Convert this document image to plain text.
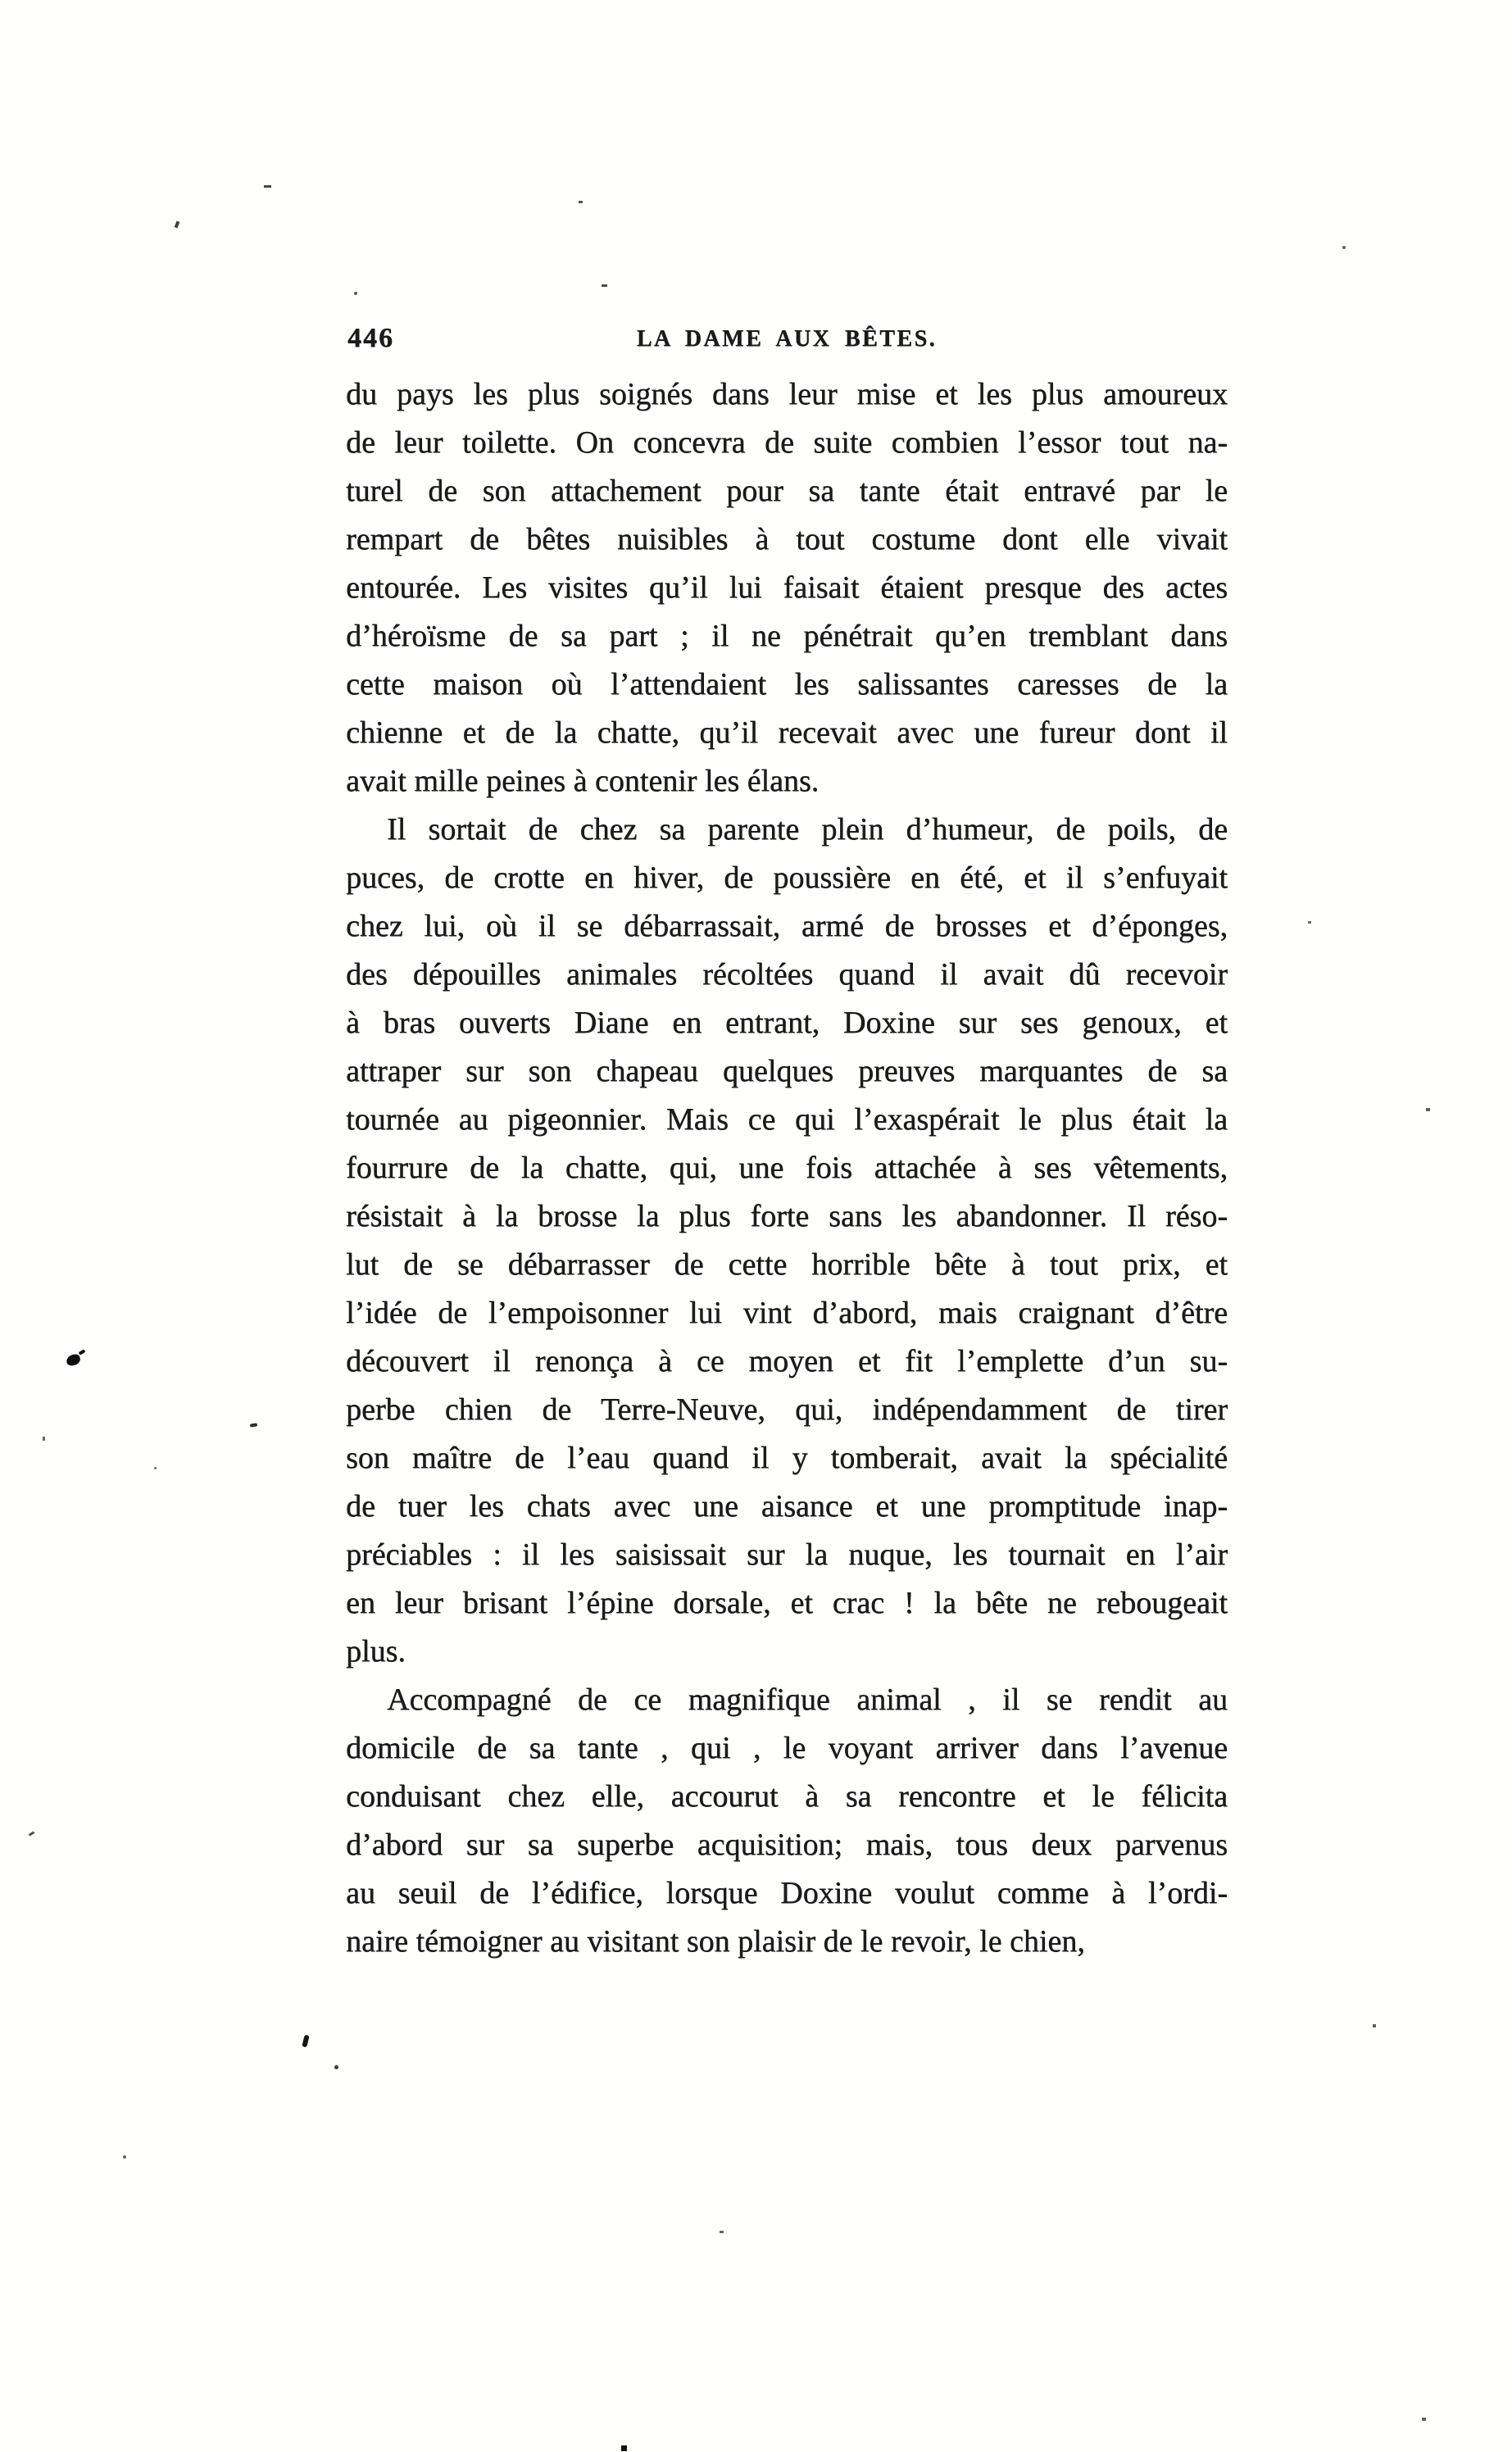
446	LA DAME AUX BÊTES.
du pays les plus soignés dans leur mise et les plus amoureux
de leur toilette. On concevra de suite combien l’essor tout na-
turel de son attachement pour sa tante était entravé par le
rempart de bêtes nuisibles à tout costume dont elle vivait
entourée. Les visites qu’il lui faisait étaient presque des actes
d’héroïsme de sa part ; il ne pénétrait qu’en tremblant dans
cette maison où l’attendaient les salissantes caresses de la
chienne et de la chatte, qu’il recevait avec une fureur dont il
avait mille peines à contenir les élans.
Il sortait de chez sa parente plein d’humeur, de poils, de
puces, de crotte en hiver, de poussière en été, et il s’enfuyait
chez lui, où il se débarrassait, armé de brosses et d’éponges,
des dépouilles animales récoltées quand il avait dû recevoir
à bras ouverts Diane en entrant, Doxine sur ses genoux, et
attraper sur son chapeau quelques preuves marquantes de sa
tournée au pigeonnier. Mais ce qui l’exaspérait le plus était la
fourrure de la chatte, qui, une fois attachée à ses vêtements,
résistait à la brosse la plus forte sans les abandonner. Il réso-
lut de se débarrasser de cette horrible bête à tout prix, et
l’idée de l’empoisonner lui vint d’abord, mais craignant d’être
découvert il renonça à ce moyen et fit l’emplette d’un su-
perbe chien de Terre-Neuve, qui, indépendamment de tirer
son maître de l’eau quand il y tomberait, avait la spécialité
de tuer les chats avec une aisance et une promptitude inap-
préciables : il les saisissait sur la nuque, les tournait en l’air
en leur brisant l’épine dorsale, et crac ! la bête ne rebougeait
plus.
Accompagné de ce magnifique animal , il se rendit au
domicile de sa tante , qui , le voyant arriver dans l’avenue
conduisant chez elle, accourut à sa rencontre et le félicita
d’abord sur sa superbe acquisition; mais, tous deux parvenus
au seuil de l’édifice, lorsque Doxine voulut comme à l’ordi-
naire témoigner au visitant son plaisir de le revoir, le chien,
